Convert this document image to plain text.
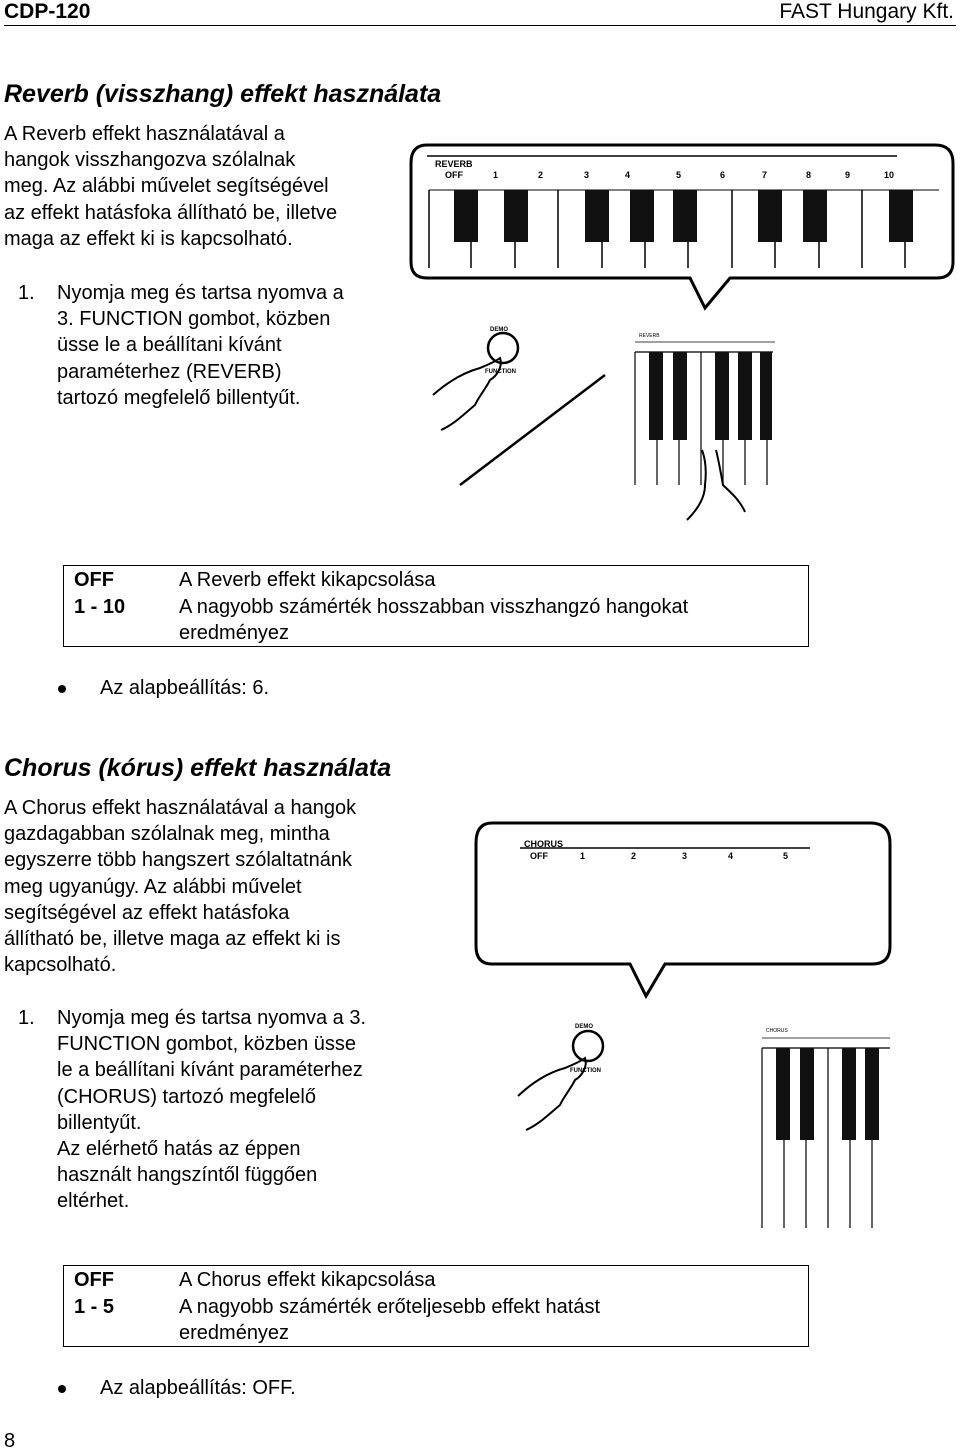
CDP-120	FAST Hungary Kft.
Reverb (visszhang) effekt használata
A Reverb effekt használatával a
hangok visszhangozva szólalnak
meg. Az alábbi művelet segítségével
az effekt hatásfoka állítható be, illetve
maga az effekt ki is kapcsolható.
1. Nyomja meg és tartsa nyomva a
3. FUNCTION gombot, közben
üsse le a beállítani kívánt
paraméterhez (REVERB)
tartozó megfelelő billentyűt.
REVERB
OFF	1	2	3	4	5	6	7	8	9	10
REVERB
DEMO
FUNCTION
OFF	A Reverb effekt kikapcsolása
1 - 10	A nagyobb számérték hosszabban visszhangzó hangokat
eredményez
Az alapbeállítás: 6.
Chorus (kórus) effekt használata
A Chorus effekt használatával a hangok
gazdagabban szólalnak meg, mintha
egyszerre több hangszert szólaltatnánk
meg ugyanúgy. Az alábbi művelet
segítségével az effekt hatásfoka
állítható be, illetve maga az effekt ki is
kapcsolható.
1. Nyomja meg és tartsa nyomva a 3.
FUNCTION gombot, közben üsse
le a beállítani kívánt paraméterhez
(CHORUS) tartozó megfelelő
billentyűt.
Az elérhető hatás az éppen
használt hangszíntől függően
eltérhet.
CHORUS
OFF	1	2	3	4	5
DEMO
FUNCTION
CHORUS
OFF	A Chorus effekt kikapcsolása
1 - 5	A nagyobb számérték erőteljesebb effekt hatást
eredményez
Az alapbeállítás: OFF.
8
